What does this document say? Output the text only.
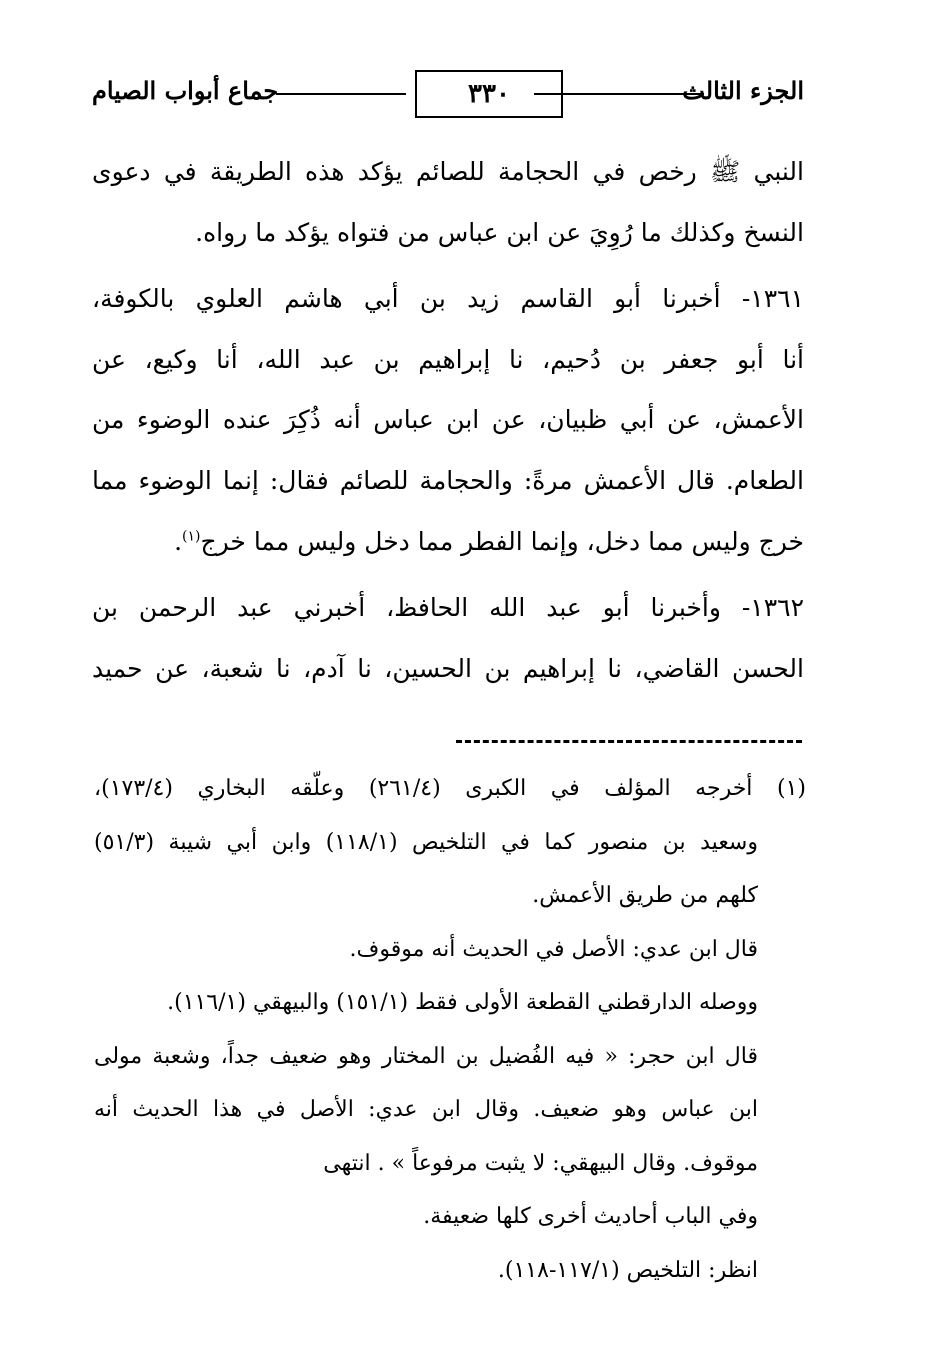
الجزء الثالث
٣٣٠
جماع أبواب الصيام
النبي ﷺ رخص في الحجامة للصائم يؤكد هذه الطريقة في دعوى
النسخ وكذلك ما رُوِيَ عن ابن عباس من فتواه يؤكد ما رواه.
١٣٦١- أخبرنا أبو القاسم زيد بن أبي هاشم العلوي بالكوفة،
أنا أبو جعفر بن دُحيم، نا إبراهيم بن عبد الله، أنا وكيع، عن
الأعمش، عن أبي ظبيان، عن ابن عباس أنه ذُكِرَ عنده الوضوء من
الطعام. قال الأعمش مرةً: والحجامة للصائم فقال: إنما الوضوء مما
خرج وليس مما دخل، وإنما الفطر مما دخل وليس مما خرج$^{(١)}$.
١٣٦٢- وأخبرنا أبو عبد الله الحافظ، أخبرني عبد الرحمن بن
الحسن القاضي، نا إبراهيم بن الحسين، نا آدم، نا شعبة، عن حميد
(١) أخرجه المؤلف في الكبرى (٢٦١/٤) وعلّقه البخاري (١٧٣/٤)،
وسعيد بن منصور كما في التلخيص (١١٨/١) وابن أبي شيبة (٥١/٣)
كلهم من طريق الأعمش.
قال ابن عدي: الأصل في الحديث أنه موقوف.
ووصله الدارقطني القطعة الأولى فقط (١٥١/١) والبيهقي (١١٦/١).
قال ابن حجر: « فيه الفُضيل بن المختار وهو ضعيف جداً، وشعبة مولى
ابن عباس وهو ضعيف. وقال ابن عدي: الأصل في هذا الحديث أنه
موقوف. وقال البيهقي: لا يثبت مرفوعاً » . انتهى
وفي الباب أحاديث أخرى كلها ضعيفة.
انظر: التلخيص (١١٧/١-١١٨).
